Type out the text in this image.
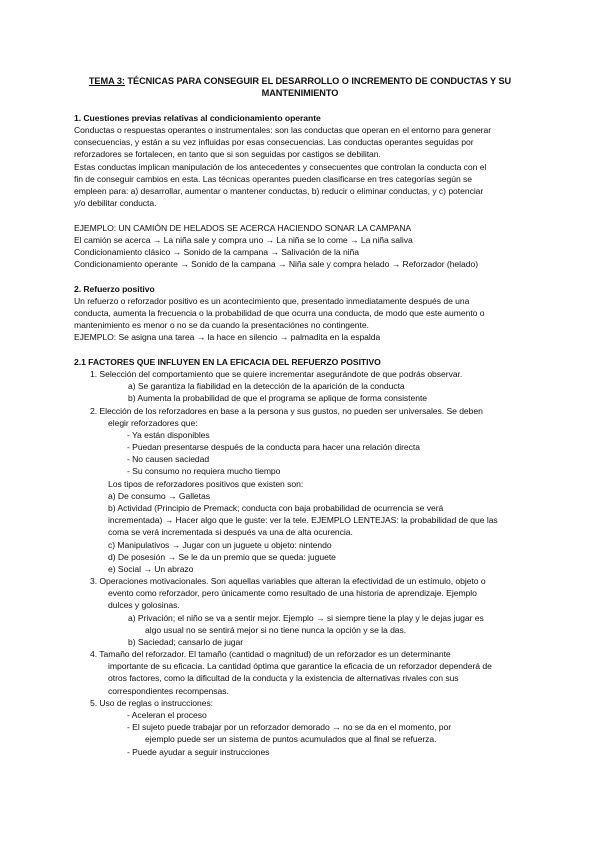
TEMA 3: TÉCNICAS PARA CONSEGUIR EL DESARROLLO O INCREMENTO DE CONDUCTAS Y SU
MANTENIMIENTO
1. Cuestiones previas relativas al condicionamiento operante
Conductas o respuestas operantes o instrumentales: son las conductas que operan en el entorno para generar
consecuencias, y están a su vez influidas por esas consecuencias. Las conductas operantes seguidas por
reforzadores se fortalecen, en tanto que si son seguidas por castigos se debilitan.
Estas conductas implican manipulación de los antecedentes y consecuentes que controlan la conducta con el
fin de conseguir cambios en esta. Las técnicas operantes pueden clasificarse en tres categorías según se
empleen para: a) desarrollar, aumentar o mantener conductas, b) reducir o eliminar conductas, y c) potenciar
y/o debilitar conducta.
EJEMPLO: UN CAMIÓN DE HELADOS SE ACERCA HACIENDO SONAR LA CAMPANA
El camión se acerca → La niña sale y compra uno → La niña se lo come → La niña saliva
Condicionamiento clásico → Sonido de la campana → Salivación de la niña
Condicionamiento operante → Sonido de la campana → Niña sale y compra helado → Reforzador (helado)
2. Refuerzo positivo
Un refuerzo o reforzador positivo es un acontecimiento que, presentado inmediatamente después de una
conducta, aumenta la frecuencia o la probabilidad de que ocurra una conducta, de modo que este aumento o
mantenimiento es menor o no se da cuando la presentaciónes no contingente.
EJEMPLO: Se asigna una tarea → la hace en silencio → palmadita en la espalda
2.1 FACTORES QUE INFLUYEN EN LA EFICACIA DEL REFUERZO POSITIVO
1. Selección del comportamiento que se quiere incrementar asegurándote de que podrás observar.
a) Se garantiza la fiabilidad en la detección de la aparición de la conducta
b) Aumenta la probabilidad de que el programa se aplique de forma consistente
2. Elección de los reforzadores en base a la persona y sus gustos, no pueden ser universales. Se deben
elegir reforzadores que:
- Ya están disponibles
- Puedan presentarse después de la conducta para hacer una relación directa
- No causen saciedad
- Su consumo no requiera mucho tiempo
Los tipos de reforzadores positivos que existen son:
a) De consumo → Galletas
b) Actividad (Principio de Premack; conducta con baja probabilidad de ocurrencia se verá
incrementada) → Hacer algo que le guste: ver la tele. EJEMPLO LENTEJAS: la probabilidad de que las
coma se verá incrementada si después va una de alta ocurencia.
c) Manipulativos → Jugar con un juguete u objeto: nintendo
d) De posesión → Se le da un premio que se queda: juguete
e) Social → Un abrazo
3. Operaciones motivacionales. Son aquellas variables que alteran la efectividad de un estímulo, objeto o
evento como reforzador, pero únicamente como resultado de una historia de aprendizaje. Ejemplo
dulces y golosinas.
a) Privación; el niño se va a sentir mejor. Ejemplo → si siempre tiene la play y le dejas jugar es
algo usual no se sentirá mejor si no tiene nunca la opción y se la das.
b) Saciedad; cansarlo de jugar
4. Tamaño del reforzador. El tamaño (cantidad o magnitud) de un reforzador es un determinante
importante de su eficacia. La cantidad óptima que garantice la eficacia de un reforzador dependerá de
otros factores, como la dificultad de la conducta y la existencia de alternativas rivales con sus
correspondientes recompensas.
5. Uso de reglas o instrucciones:
- Aceleran el proceso
- El sujeto puede trabajar por un reforzador demorado → no se da en el momento, por
ejemplo puede ser un sistema de puntos acumulados que al final se refuerza.
- Puede ayudar a seguir instrucciones
